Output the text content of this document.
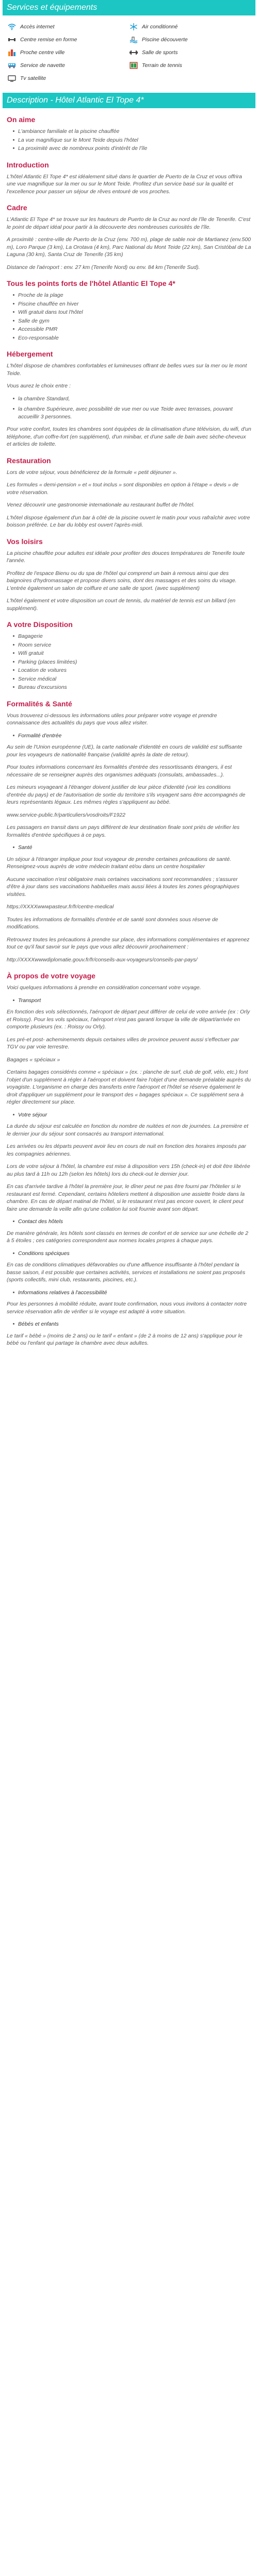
Services et équipements
Accès internet	Air conditionné
Centre remise en forme	Piscine découverte
Proche centre ville	Salle de sports
Service de navette	Terrain de tennis
Tv satellite
Description - Hôtel Atlantic El Tope 4*
On aime
L'ambiance familiale et la piscine chauffée
La vue magnifique sur le Mont Teide depuis l'hôtel
La proximité avec de nombreux points d'intérêt de l'île
Introduction

L'hôtel Atlantic El Tope 4* est idéalement situé dans le quartier de Puerto de la Cruz et vous offrira une vue magnifique sur la mer ou sur le Mont Teide. Profitez d'un service basé sur la qualité et l'excellence pour passer un séjour de rêves entouré de vos proches.

Cadre

L'Atlantic El Tope 4* se trouve sur les hauteurs de Puerto de la Cruz au nord de l'île de Tenerife. C'est le point de départ idéal pour partir à la découverte des nombreuses curiosités de l'île.

A proximité : centre-ville de Puerto de la Cruz (env. 700 m), plage de sable noir de Martianez (env.500 m), Loro Parque (3 km), La Orotava (4 km), Parc National du Mont Teide (22 km), San Cristóbal de La Laguna (30 km), Santa Cruz de Tenerife (35 km)

Distance de l'aéroport : env. 27 km (Tenerife Nord) ou env. 84 km (Tenerife Sud).

Tous les points forts de l'hôtel Atlantic El Tope 4*
Proche de la plage
Piscine chauffée en hiver
Wifi gratuit dans tout l'hôtel
Salle de gym
Accessible PMR
Eco-responsable
Hébergement

L'hôtel dispose de chambres confortables et lumineuses offrant de belles vues sur la mer ou le mont Teide.

Vous aurez le choix entre :

la chambre Standard,
la chambre Supérieure, avec possibilité de vue mer ou vue Teide avec terrasses, pouvant accueillir 3 personnes.

Pour votre confort, toutes les chambres sont équipées de la climatisation d'une télévision, du wifi, d'un téléphone, d'un coffre-fort (en supplément), d'un minibar, et d'une salle de bain avec sèche-cheveux et articles de toilette.

Restauration

Lors de votre séjour, vous bénéficierez de la formule « petit déjeuner ».

Les formules « demi-pension » et « tout inclus » sont disponibles en option à l'étape « devis » de votre réservation.

Venez découvrir une gastronomie internationale au restaurant buffet de l'hôtel.

L'hôtel dispose également d'un bar à côté de la piscine ouvert le matin pour vous rafraîchir avec votre boisson préférée. Le bar du lobby est ouvert l'après-midi.

Vos loisirs

La piscine chauffée pour adultes est idéale pour profiter des douces températures de Tenerife toute l'année.

Profitez de l'espace Bienu ou du spa de l'hôtel qui comprend un bain à remous ainsi que des baignoires d'hydromassage et propose divers soins, dont des massages et des soins du visage. L'entrée également un salon de coiffure et une salle de sport. (avec supplément)

L'hôtel également et votre disposition un court de tennis, du matériel de tennis est un billard (en supplément).

A votre Disposition
Bagagerie
Room service
Wifi gratuit
Parking (places limitées)
Location de voitures
Service médical
Bureau d'excursions
Formalités & Santé

Vous trouverez ci-dessous les informations utiles pour préparer votre voyage et prendre connaissance des actualités du pays que vous allez visiter.

Formalité d'entrée

Au sein de l'Union européenne (UE), la carte nationale d'identité en cours de validité est suffisante pour les voyageurs de nationalité française (validité après la date de retour).

Pour toutes informations concernant les formalités d'entrée des ressortissants étrangers, il est nécessaire de se renseigner auprès des organismes adéquats (consulats, ambassades...).

Les mineurs voyageant à l'étranger doivent justifier de leur pièce d'identité (voir les conditions d'entrée du pays) et de l'autorisation de sortie du territoire s'ils voyagent sans être accompagnés de leurs représentants légaux. Les mêmes règles s'appliquent au bébé.

www.service-public.fr/particuliers/vosdroits/F1922

Les passagers en transit dans un pays différent de leur destination finale sont priés de vérifier les formalités d'entrée spécifiques à ce pays.

Santé

Un séjour à l'étranger implique pour tout voyageur de prendre certaines précautions de santé. Renseignez-vous auprès de votre médecin traitant et/ou dans un centre hospitalier

Aucune vaccination n'est obligatoire mais certaines vaccinations sont recommandées ; s'assurer d'être à jour dans ses vaccinations habituelles mais aussi liées à toutes les zones géographiques visitées.

https://XXXXwwwpasteur.fr/fr/centre-medical

Toutes les informations de formalités d'entrée et de santé sont données sous réserve de modifications.

Retrouvez toutes les précautions à prendre sur place, des informations complémentaires et apprenez tout ce qu'il faut savoir sur le pays que vous allez découvrir prochainement :

http://XXXXwwwdiplomatie.gouv.fr/fr/conseils-aux-voyageurs/conseils-par-pays/

À propos de votre voyage

Voici quelques informations à prendre en considération concernant votre voyage.

Transport

En fonction des vols sélectionnés, l'aéroport de départ peut différer de celui de votre arrivée (ex : Orly et Roissy). Pour les vols spéciaux, l'aéroport n'est pas garanti lorsque la ville de départ/arrivée en comporte plusieurs (ex. : Roissy ou Orly).

Les pré-et post- acheminements depuis certaines villes de province peuvent aussi s'effectuer par TGV ou par voie terrestre.

Bagages « spéciaux »

Certains bagages considérés comme « spéciaux » (ex. : planche de surf, club de golf, vélo, etc.) font l'objet d'un supplément à régler à l'aéroport et doivent faire l'objet d'une demande préalable auprès du voyagiste. L'organisme en charge des transferts entre l'aéroport et l'hôtel se réserve également le droit d'appliquer un supplément pour le transport des « bagages spéciaux ». Ce supplément sera à régler directement sur place.

Votre séjour

La durée du séjour est calculée en fonction du nombre de nuitées et non de journées. La première et le dernier jour du séjour sont consacrés au transport international.

Les arrivées ou les départs peuvent avoir lieu en cours de nuit en fonction des horaires imposés par les compagnies aériennes.

Lors de votre séjour à l'hôtel, la chambre est mise à disposition vers 15h (check-in) et doit être libérée au plus tard à 11h ou 12h (selon les hôtels) lors du check-out le dernier jour.

En cas d'arrivée tardive à l'hôtel la première jour, le dîner peut ne pas être fourni par l'hôtelier si le restaurant est fermé. Cependant, certains hôteliers mettent à disposition une assiette froide dans la chambre. En cas de départ matinal de l'hôtel, si le restaurant n'est pas encore ouvert, le client peut faire une demande la veille afin qu'une collation lui soit fournie avant son départ.

Contact des hôtels

De manière générale, les hôtels sont classés en termes de confort et de service sur une échelle de 2 à 5 étoiles ; ces catégories correspondent aux normes locales propres à chaque pays.

Conditions spéciques

En cas de conditions climatiques défavorables ou d'une affluence insuffisante à l'hôtel pendant la basse saison, il est possible que certaines activités, services et installations ne soient pas proposés (sports collectifs, mini club, restaurants, piscines, etc.).

Informations relatives à l'accessibilité

Pour les personnes à mobilité réduite, avant toute confirmation, nous vous invitons à contacter notre service réservation afin de vérifier si le voyage est adapté à votre situation.

Bébés et enfants

Le tarif « bébé » (moins de 2 ans) ou le tarif « enfant » (de 2 à moins de 12 ans) s'applique pour le bébé ou l'enfant qui partage la chambre avec deux adultes.
